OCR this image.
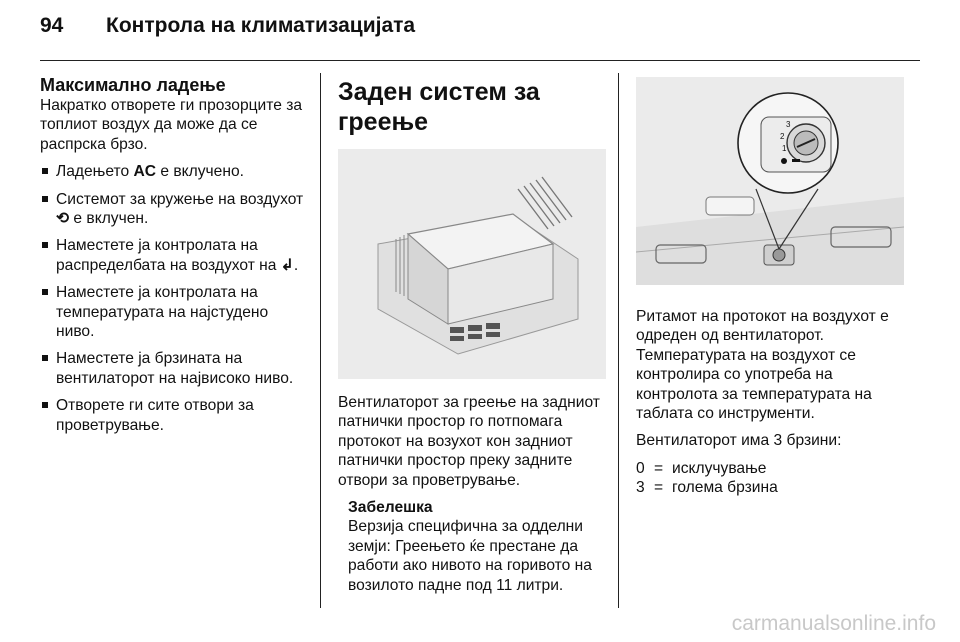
94	Контрола на климатизацијата
Максимално ладење

Накратко отворете ги прозорците за топлиот воздух да може да се распрска брзо.

Ладењето AC е вклучено.
Системот за кружење на воздухот ⟲ е вклучен.
Наместете ја контролата на распределбата на воздухот на ↲.
Наместете ја контролата на температурата на најстудено ниво.
Наместете ја брзината на вентилаторот на највисоко ниво.
Отворете ги сите отвори за проветрување.
Заден систем за греење

Вентилаторот за греење на задниот патнички простор го потпомага протокот на возухот кон задниот патнички простор преку задните отвори за проветрување.

Забелешка
Верзија специфична за одделни земји: Греењето ќе престане да работи ако нивото на горивото на возилото падне под 11 литри.
3
2
1

Ритамот на протокот на воздухот е одреден од вентилаторот. Температурата на воздухот се контролира со употреба на контролота за температурата на таблата со инструменти.

Вентилаторот има 3 брзини:

0 = исклучување
3 = голема брзина
carmanualsonline.info
